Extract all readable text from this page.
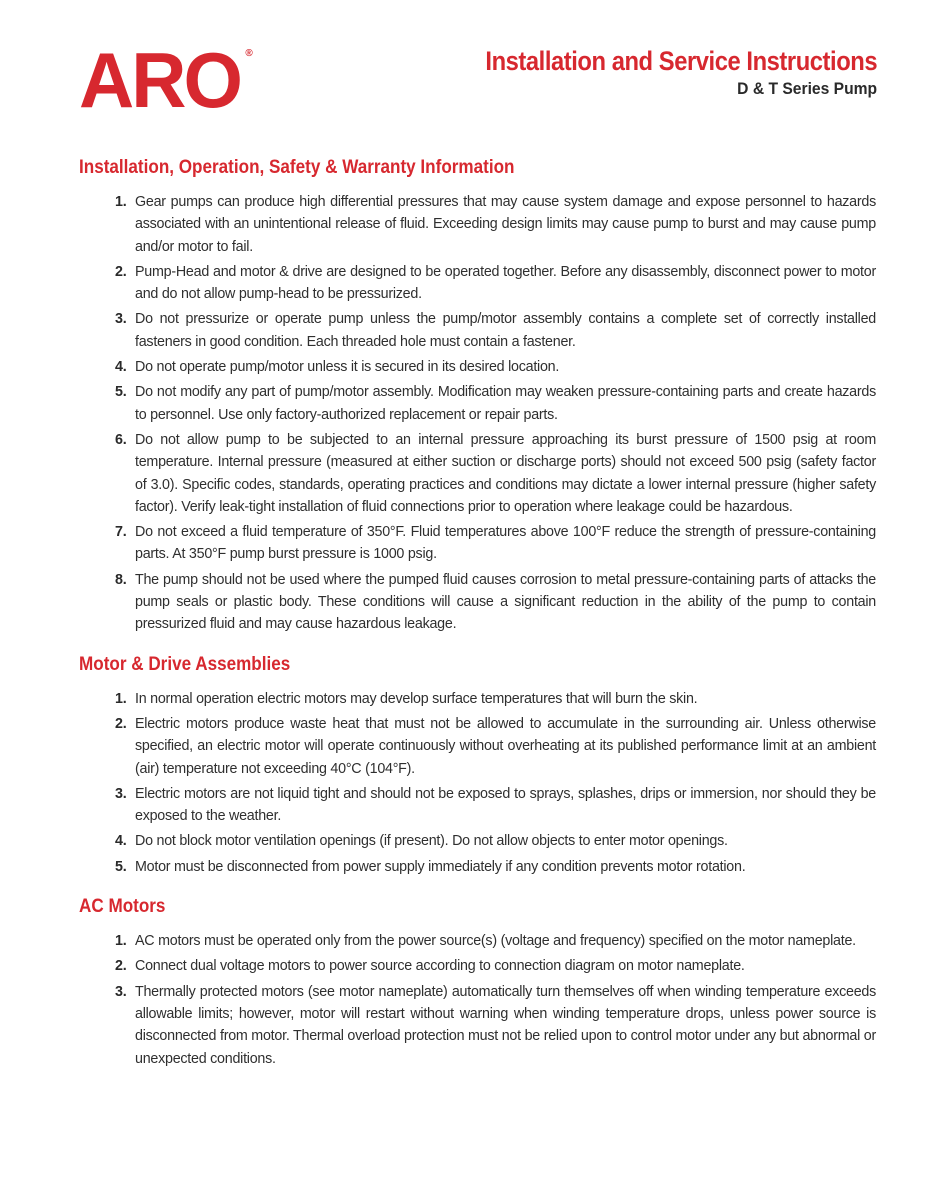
ARO ®	Installation and Service Instructions
D & T Series Pump
Installation, Operation, Safety & Warranty Information
1. Gear pumps can produce high differential pressures that may cause system damage and expose personnel to hazards associated with an unintentional release of fluid. Exceeding design limits may cause pump to burst and may cause pump and/or motor to fail.
2. Pump-Head and motor & drive are designed to be operated together. Before any disassembly, disconnect power to motor and do not allow pump-head to be pressurized.
3. Do not pressurize or operate pump unless the pump/motor assembly contains a complete set of correctly installed fasteners in good condition. Each threaded hole must contain a fastener.
4. Do not operate pump/motor unless it is secured in its desired location.
5. Do not modify any part of pump/motor assembly. Modification may weaken pressure-containing parts and create hazards to personnel. Use only factory-authorized replacement or repair parts.
6. Do not allow pump to be subjected to an internal pressure approaching its burst pressure of 1500 psig at room temperature. Internal pressure (measured at either suction or discharge ports) should not exceed 500 psig (safety factor of 3.0). Specific codes, standards, operating practices and conditions may dictate a lower internal pressure (higher safety factor). Verify leak-tight installation of fluid connections prior to operation where leakage could be hazardous.
7. Do not exceed a fluid temperature of 350°F. Fluid temperatures above 100°F reduce the strength of pressure-containing parts. At 350°F pump burst pressure is 1000 psig.
8. The pump should not be used where the pumped fluid causes corrosion to metal pressure-containing parts of attacks the pump seals or plastic body. These conditions will cause a significant reduction in the ability of the pump to contain pressurized fluid and may cause hazardous leakage.
Motor & Drive Assemblies
1. In normal operation electric motors may develop surface temperatures that will burn the skin.
2. Electric motors produce waste heat that must not be allowed to accumulate in the surrounding air. Unless otherwise specified, an electric motor will operate continuously without overheating at its published performance limit at an ambient (air) temperature not exceeding 40°C (104°F).
3. Electric motors are not liquid tight and should not be exposed to sprays, splashes, drips or immersion, nor should they be exposed to the weather.
4. Do not block motor ventilation openings (if present). Do not allow objects to enter motor openings.
5. Motor must be disconnected from power supply immediately if any condition prevents motor rotation.
AC Motors
1. AC motors must be operated only from the power source(s) (voltage and frequency) specified on the motor nameplate.
2. Connect dual voltage motors to power source according to connection diagram on motor nameplate.
3. Thermally protected motors (see motor nameplate) automatically turn themselves off when winding temperature exceeds allowable limits; however, motor will restart without warning when winding temperature drops, unless power source is disconnected from motor. Thermal overload protection must not be relied upon to control motor under any but abnormal or unexpected conditions.
